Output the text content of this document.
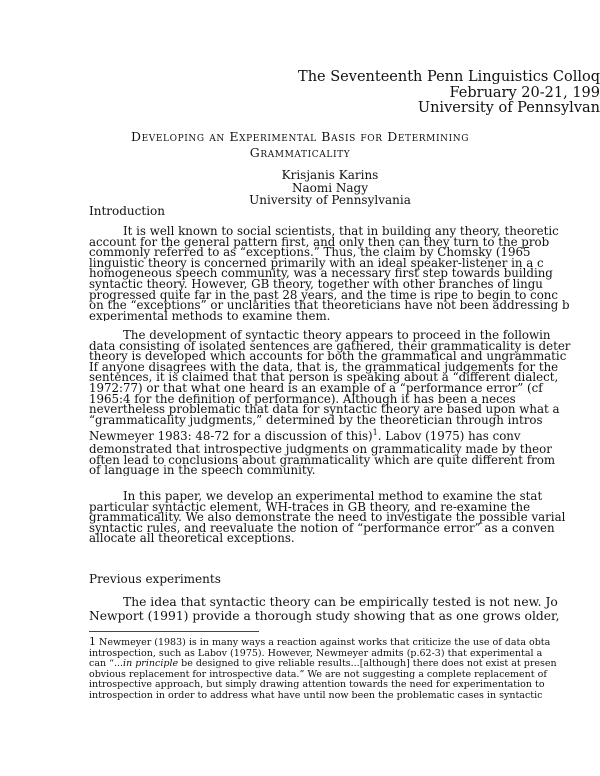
The Seventeenth Penn Linguistics Colloq
February 20-21, 199
University of Pennsylvan
Developing an Experimental Basis for Determining
Grammaticality
Krisjanis Karins
Naomi Nagy
University of Pennsylvania
Introduction
It is well known to social scientists, that in building any theory, theoretic
account for the general pattern first, and only then can they turn to the prob
commonly referred to as “exceptions.” Thus, the claim by Chomsky (1965
linguistic theory is concerned primarily with an ideal speaker-listener in a c
homogeneous speech community, was a necessary first step towards building
syntactic theory. However, GB theory, together with other branches of lingu
progressed quite far in the past 28 years, and the time is ripe to begin to conc
on the “exceptions” or unclarities that theoreticians have not been addressing b
experimental methods to examine them.
The development of syntactic theory appears to proceed in the followin
data consisting of isolated sentences are gathered, their grammaticality is deter
theory is developed which accounts for both the grammatical and ungrammatic
If anyone disagrees with the data, that is, the grammatical judgements for the
sentences, it is claimed that that person is speaking about a “different dialect,
1972:77) or that what one heard is an example of a “performance error” (cf
1965:4 for the definition of performance). Although it has been a neces
nevertheless problematic that data for syntactic theory are based upon what a
“grammaticality judgments,” determined by the theoretician through intros
Newmeyer 1983: 48-72 for a discussion of this)$^1$. Labov (1975) has conv
demonstrated that introspective judgments on grammaticality made by theor
often lead to conclusions about grammaticality which are quite different from
of language in the speech community.
In this paper, we develop an experimental method to examine the stat
particular syntactic element, WH-traces in GB theory, and re-examine the
grammaticality. We also demonstrate the need to investigate the possible varial
syntactic rules, and reevaluate the notion of “performance error” as a conven
allocate all theoretical exceptions.
Previous experiments
The idea that syntactic theory can be empirically tested is not new. Jo
Newport (1991) provide a thorough study showing that as one grows older,
1 Newmeyer (1983) is in many ways a reaction against works that criticize the use of data obta
introspection, such as Labov (1975). However, Newmeyer admits (p.62-3) that experimental a
can “...in principle be designed to give reliable results...[although] there does not exist at presen
obvious replacement for introspective data.” We are not suggesting a complete replacement of
introspective approach, but simply drawing attention towards the need for experimentation to
introspection in order to address what have until now been the problematic cases in syntactic
